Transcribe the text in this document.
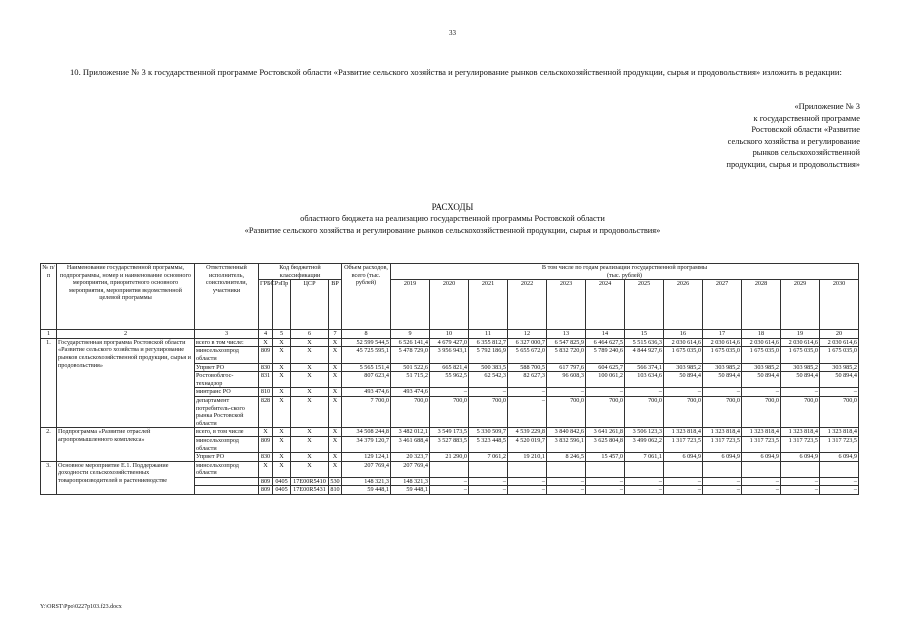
33
10. Приложение № 3 к государственной программе Ростовской области «Развитие сельского хозяйства и регулирование рынков сельскохозяйственной продукции, сырья и продовольствия» изложить в редакции:
«Приложение № 3
к государственной программе
Ростовской области «Развитие
сельского хозяйства и регулирование
рынков сельскохозяйственной
продукции, сырья и продовольствия»
РАСХОДЫ
областного бюджета на реализацию государственной программы Ростовской области
«Развитие сельского хозяйства и регулирование рынков сельскохозяйственной продукции, сырья и продовольствия»
№ п/п	Наименование государственной программы, подпрограммы, номер и наименование основного мероприятия, приоритетного основного мероприятия, мероприятия ведомственной целевой программы	Ответственный исполнитель, соисполнители, участники	Код бюджетной классификации				Объем расходов, всего (тыс. рублей)	В том числе по годам реализации государственной программы
(тыс. рублей)											

			ГРБС	РзПр	ЦСР	ВР		2019	2020	2021	2022	2023	2024	2025	2026	2027	2028	2029	2030
1	2	3	4	5	6	7	8	9	10	11	12	13	14	15	16	17	18	19	20
1.	Государственная программа Ростовской области «Развитие сельского хозяйства и регулирование рынков сельскохозяйственной продукции, сырья и продовольствия»	всего в том числе:	X	X	X	X	52 599 544,5	6 526 141,4	4 679 427,0	6 355 812,7	6 327 000,7	6 547 825,9	6 464 627,5	5 515 636,3	2 030 614,6	2 030 614,6	2 030 614,6	2 030 614,6	2 030 614,6
		минсельхозпрод области	809	X	X	X	45 725 595,1	5 478 729,0	3 956 943,1	5 792 186,9	5 655 672,0	5 832 720,0	5 789 240,6	4 844 927,6	1 675 035,0	1 675 035,0	1 675 035,0	1 675 035,0	1 675 035,0
		Упрвет РО	830	X	X	X	5 565 151,4	501 522,6	665 821,4	500 383,5	588 700,5	617 797,6	604 625,7	566 374,1	303 985,2	303 985,2	303 985,2	303 985,2	303 985,2
		Ростовоблгос-технадзор	831	X	X	X	807 623,4	51 715,2	55 962,5	62 542,3	82 627,3	96 608,3	100 061,2	103 634,6	50 894,4	50 894,4	50 894,4	50 894,4	50 894,4
		минтранс РО	810	X	X	X	493 474,6	493 474,6	–	–	–	–	–	–	–	–	–	–	–
		департамент потребитель-ского рынка Ростовской области	828	X	X	X	7 700,0	700,0	700,0	700,0	–	700,0	700,0	700,0	700,0	700,0	700,0	700,0	700,0
2.	Подпрограмма «Развитие отраслей агропромышленного комплекса»	всего, в том числе	X	X	X	X	34 508 244,8	3 482 012,1	3 549 173,5	5 330 509,7	4 539 229,8	3 840 842,6	3 641 261,8	3 506 123,3	1 323 818,4	1 323 818,4	1 323 818,4	1 323 818,4	1 323 818,4
		минсельхозпрод области	809	X	X	X	34 379 120,7	3 461 688,4	3 527 883,5	5 323 448,5	4 520 019,7	3 832 596,1	3 625 804,8	3 499 062,2	1 317 723,5	1 317 723,5	1 317 723,5	1 317 723,5	1 317 723,5
		Упрвет РО	830	X	X	X	129 124,1	20 323,7	21 290,0	7 061,2	19 210,1	8 246,5	15 457,0	7 061,1	6 094,9	6 094,9	6 094,9	6 094,9	6 094,9
3.	Основное мероприятие Е.1. Поддержание доходности сельскохозяйственных товаропроизводителей в растениеводстве	минсельхозпрод области	X	X	X	X	207 769,4	207 769,4											
			809	0405	17Е00R5410	530	148 321,3	148 321,3	–	–	–	–	–	–	–	–	–	–	–
			809	0405	17Е00R5431	810	59 448,1	59 448,1	–	–	–	–	–	–	–	–	–	–	–
Y:\ORST\Ppo\0227p103.f23.docx
